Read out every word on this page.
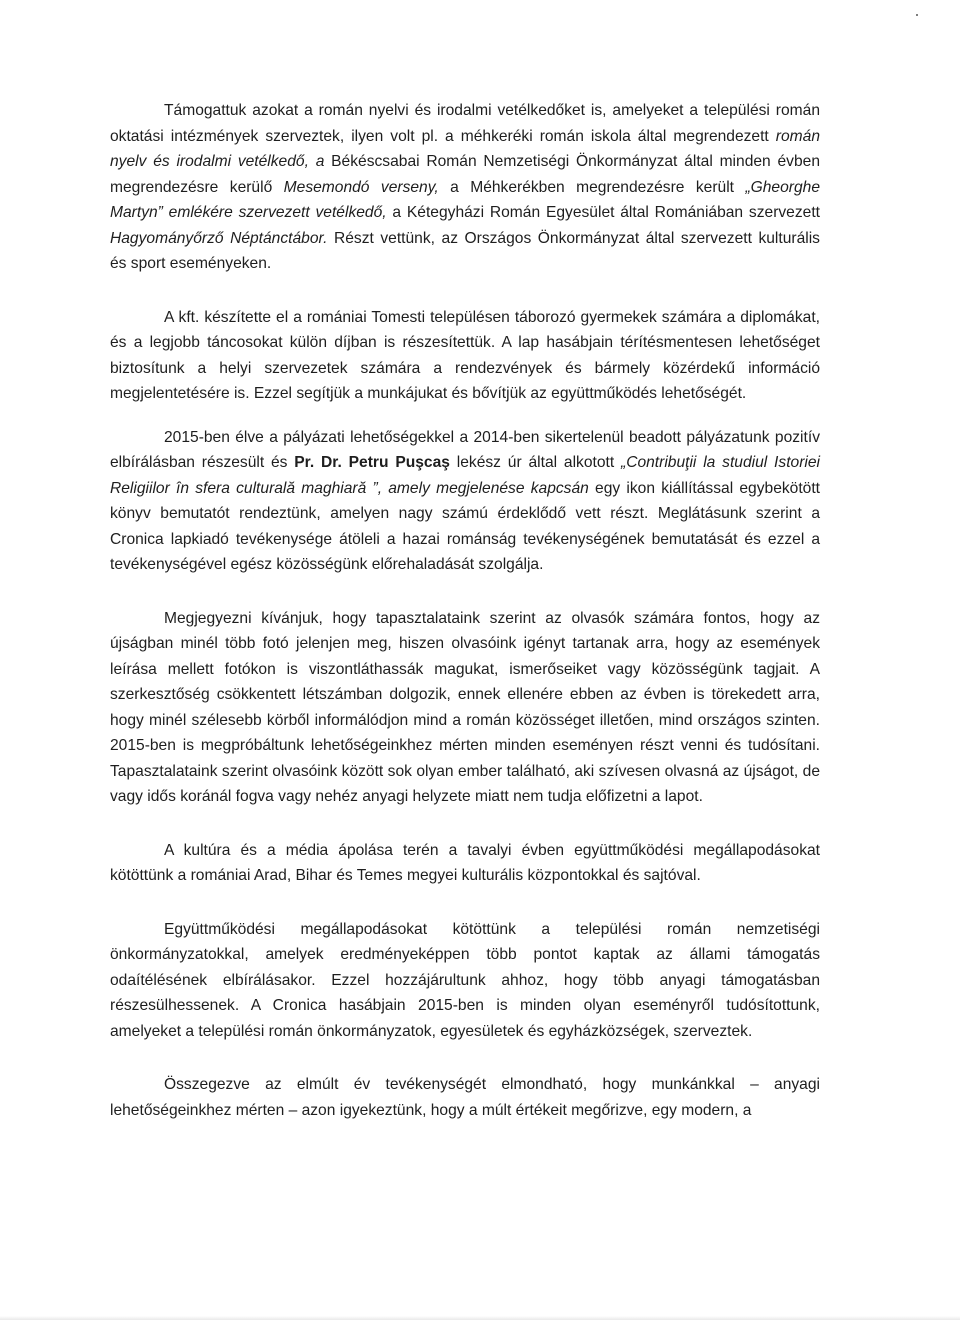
Támogattuk azokat a román nyelvi és irodalmi vetélkedőket is, amelyeket a települési román oktatási intézmények szerveztek, ilyen volt pl. a méhkeréki román iskola által megrendezett román nyelv és irodalmi vetélkedő, a Békéscsabai Román Nemzetiségi Önkormányzat által minden évben megrendezésre kerülő Mesemondó verseny, a Méhkerékben megrendezésre került „Gheorghe Martyn” emlékére szervezett vetélkedő, a Kétegyházi Román Egyesület által Romániában szervezett Hagyományőrző Néptánctábor. Részt vettünk, az Országos Önkormányzat által szervezett kulturális és sport eseményeken.

A kft. készítette el a romániai Tomesti településen táborozó gyermekek számára a diplomákat, és a legjobb táncosokat külön díjban is részesítettük. A lap hasábjain térítésmentesen lehetőséget biztosítunk a helyi szervezetek számára a rendezvények és bármely közérdekű információ megjelentetésére is. Ezzel segítjük a munkájukat és bővítjük az együttműködés lehetőségét.

2015-ben élve a pályázati lehetőségekkel a 2014-ben sikertelenül beadott pályázatunk pozitív elbírálásban részesült és Pr. Dr. Petru Puşcaş lekész úr által alkotott „Contribuţii la studiul Istoriei Religiilor în sfera culturală maghiară ”, amely megjelenése kapcsán egy ikon kiállítással egybekötött könyv bemutatót rendeztünk, amelyen nagy számú érdeklődő vett részt. Meglátásunk szerint a Cronica lapkiadó tevékenysége átöleli a hazai románság tevékenységének bemutatását és ezzel a tevékenységével egész közösségünk előrehaladását szolgálja.

Megjegyezni kívánjuk, hogy tapasztalataink szerint az olvasók számára fontos, hogy az újságban minél több fotó jelenjen meg, hiszen olvasóink igényt tartanak arra, hogy az események leírása mellett fotókon is viszontláthassák magukat, ismerőseiket vagy közösségünk tagjait. A szerkesztőség csökkentett létszámban dolgozik, ennek ellenére ebben az évben is törekedett arra, hogy minél szélesebb körből informálódjon mind a román közösséget illetően, mind országos szinten. 2015-ben is megpróbáltunk lehetőségeinkhez mérten minden eseményen részt venni és tudósítani. Tapasztalataink szerint olvasóink között sok olyan ember található, aki szívesen olvasná az újságot, de vagy idős koránál fogva vagy nehéz anyagi helyzete miatt nem tudja előfizetni a lapot.

A kultúra és a média ápolása terén a tavalyi évben együttműködési megállapodásokat kötöttünk a romániai Arad, Bihar és Temes megyei kulturális központokkal és sajtóval.

Együttműködési megállapodásokat kötöttünk a települési román nemzetiségi önkormányzatokkal, amelyek eredményeképpen több pontot kaptak az állami támogatás odaítélésének elbírálásakor. Ezzel hozzájárultunk ahhoz, hogy több anyagi támogatásban részesülhessenek. A Cronica hasábjain 2015-ben is minden olyan eseményről tudósítottunk, amelyeket a települési román önkormányzatok, egyesületek és egyházközségek, szerveztek.

Összegezve az elmúlt év tevékenységét elmondható, hogy munkánkkal – anyagi lehetőségeinkhez mérten – azon igyekeztünk, hogy a múlt értékeit megőrizve, egy modern, a
